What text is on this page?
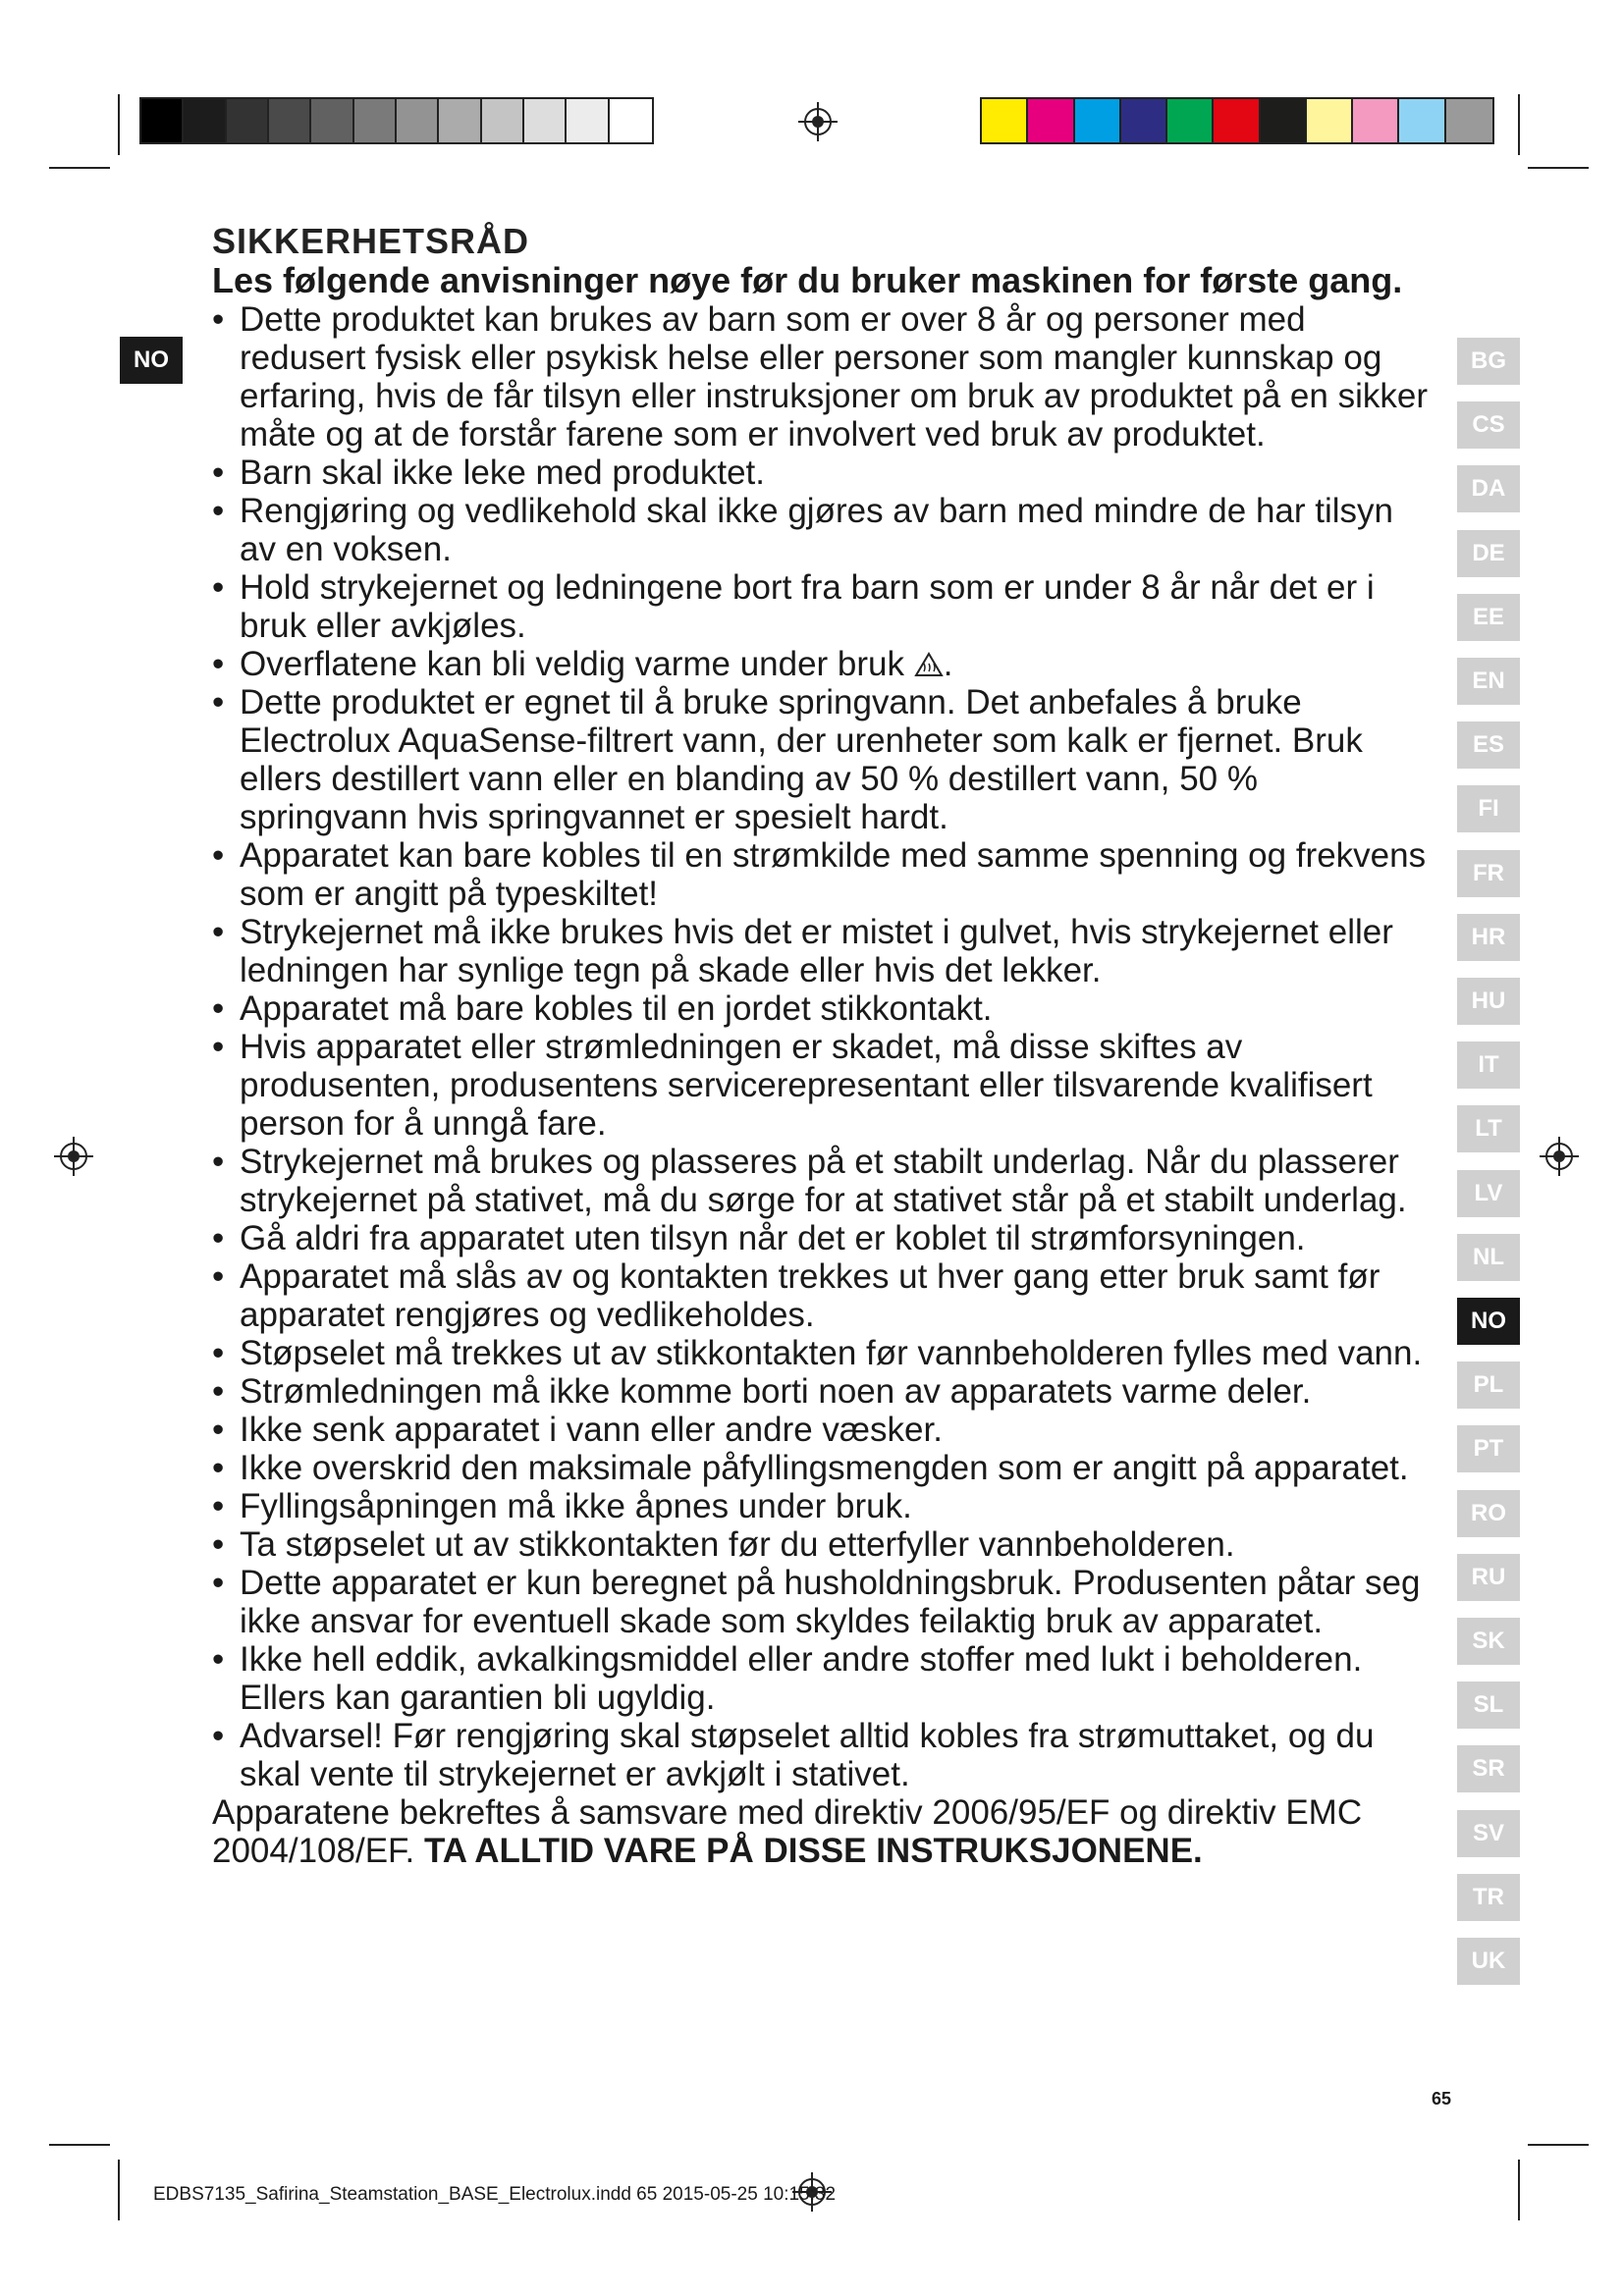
NO
SIKKERHETSRÅD

Les følgende anvisninger nøye før du bruker maskinen for første gang.

• Dette produktet kan brukes av barn som er over 8 år og personer med redusert fysisk eller psykisk helse eller personer som mangler kunnskap og erfaring, hvis de får tilsyn eller instruksjoner om bruk av produktet på en sikker måte og at de forstår farene som er involvert ved bruk av produktet.
• Barn skal ikke leke med produktet.
• Rengjøring og vedlikehold skal ikke gjøres av barn med mindre de har tilsyn av en voksen.
• Hold strykejernet og ledningene bort fra barn som er under 8 år når det er i bruk eller avkjøles.
• Overflatene kan bli veldig varme under bruk .
• Dette produktet er egnet til å bruke springvann. Det anbefales å bruke Electrolux AquaSense-filtrert vann, der urenheter som kalk er fjernet. Bruk ellers destillert vann eller en blanding av 50 % destillert vann, 50 % springvann hvis springvannet er spesielt hardt.
• Apparatet kan bare kobles til en strømkilde med samme spenning og frekvens som er angitt på typeskiltet!
• Strykejernet må ikke brukes hvis det er mistet i gulvet, hvis strykejernet eller ledningen har synlige tegn på skade eller hvis det lekker.
• Apparatet må bare kobles til en jordet stikkontakt.
• Hvis apparatet eller strømledningen er skadet, må disse skiftes av produsenten, produsentens servicerepresentant eller tilsvarende kvalifisert person for å unngå fare.
• Strykejernet må brukes og plasseres på et stabilt underlag. Når du plasserer strykejernet på stativet, må du sørge for at stativet står på et stabilt underlag.
• Gå aldri fra apparatet uten tilsyn når det er koblet til strømforsyningen.
• Apparatet må slås av og kontakten trekkes ut hver gang etter bruk samt før apparatet rengjøres og vedlikeholdes.
• Støpselet må trekkes ut av stikkontakten før vannbeholderen fylles med vann.
• Strømledningen må ikke komme borti noen av apparatets varme deler.
• Ikke senk apparatet i vann eller andre væsker.
• Ikke overskrid den maksimale påfyllingsmengden som er angitt på apparatet.
• Fyllingsåpningen må ikke åpnes under bruk.
• Ta støpselet ut av stikkontakten før du etterfyller vannbeholderen.
• Dette apparatet er kun beregnet på husholdningsbruk. Produsenten påtar seg ikke ansvar for eventuell skade som skyldes feilaktig bruk av apparatet.
• Ikke hell eddik, avkalkingsmiddel eller andre stoffer med lukt i beholderen. Ellers kan garantien bli ugyldig.
• Advarsel! Før rengjøring skal støpselet alltid kobles fra strømuttaket, og du skal vente til strykejernet er avkjølt i stativet.

Apparatene bekreftes å samsvare med direktiv 2006/95/EF og direktiv EMC 2004/108/EF. TA ALLTID VARE PÅ DISSE INSTRUKSJONENE.

BG
CS
DA
DE
EE
EN
ES
FI
FR
HR
HU
IT
LT
LV
NL
NO
PL
PT
RO
RU
SK
SL
SR
SV
TR
UK
65
EDBS7135_Safirina_Steamstation_BASE_Electrolux.indd 65 2015-05-25 10:15:32
